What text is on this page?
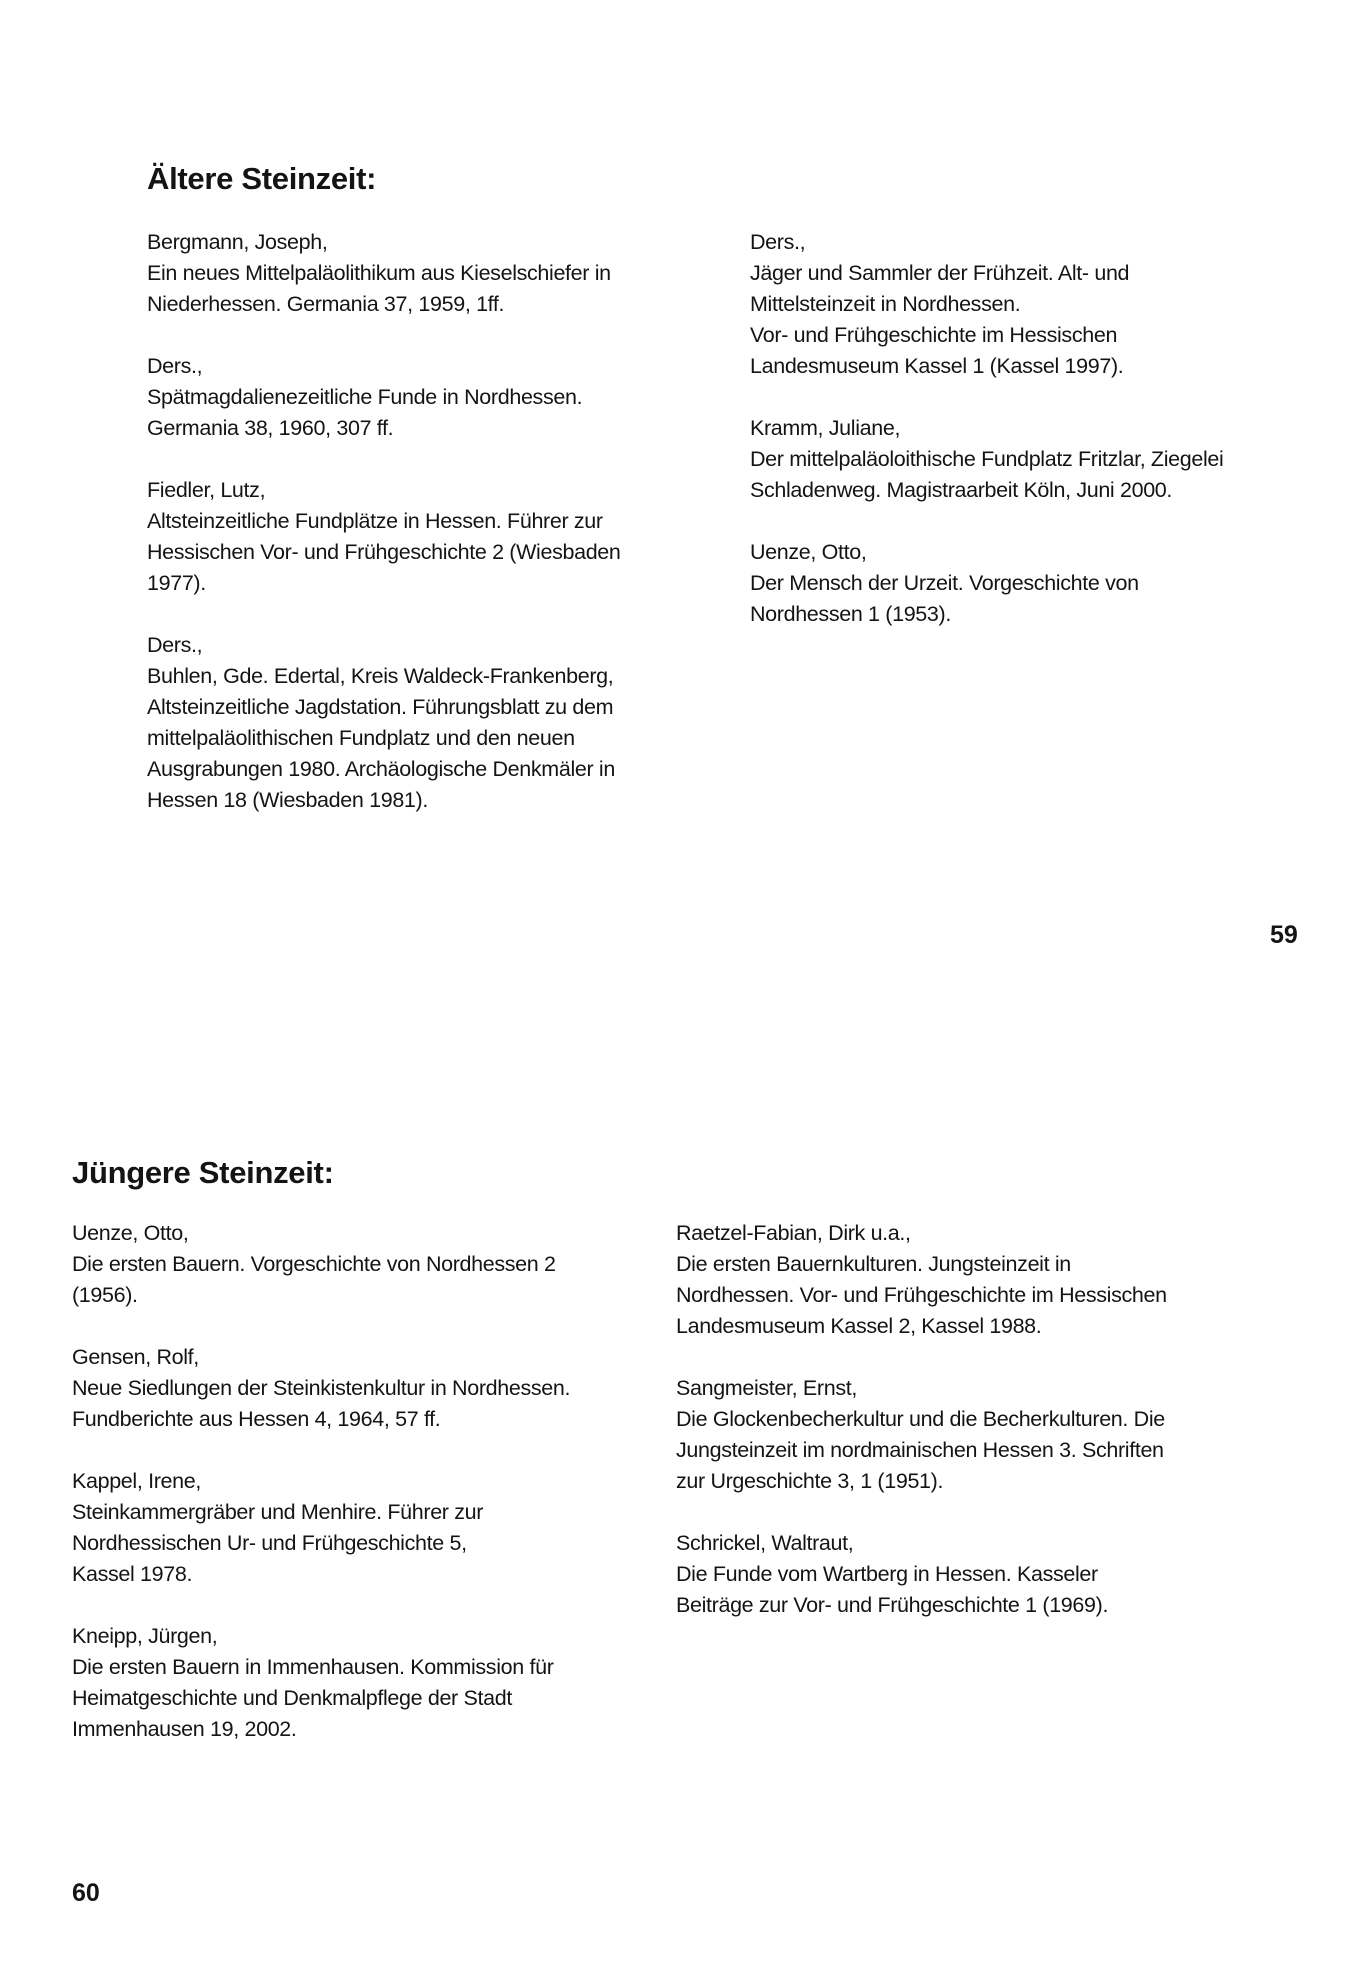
Ältere Steinzeit:
Bergmann, Joseph,
Ein neues Mittelpaläolithikum aus Kieselschiefer in
Niederhessen. Germania 37, 1959, 1ff.
Ders.,
Spätmagdalienezeitliche Funde in Nordhessen.
Germania 38, 1960, 307 ff.
Fiedler, Lutz,
Altsteinzeitliche Fundplätze in Hessen. Führer zur
Hessischen Vor- und Frühgeschichte 2 (Wiesbaden
1977).
Ders.,
Buhlen, Gde. Edertal, Kreis Waldeck-Frankenberg,
Altsteinzeitliche Jagdstation. Führungsblatt zu dem
mittelpaläolithischen Fundplatz und den neuen
Ausgrabungen 1980. Archäologische Denkmäler in
Hessen 18 (Wiesbaden 1981).
Ders.,
Jäger und Sammler der Frühzeit. Alt- und
Mittelsteinzeit in Nordhessen.
Vor- und Frühgeschichte im Hessischen
Landesmuseum Kassel 1 (Kassel 1997).
Kramm, Juliane,
Der mittelpaläoloithische Fundplatz Fritzlar, Ziegelei
Schladenweg. Magistraarbeit Köln, Juni 2000.
Uenze, Otto,
Der Mensch der Urzeit. Vorgeschichte von
Nordhessen 1 (1953).

59

Jüngere Steinzeit:
Uenze, Otto,
Die ersten Bauern. Vorgeschichte von Nordhessen 2
(1956).
Gensen, Rolf,
Neue Siedlungen der Steinkistenkultur in Nordhessen.
Fundberichte aus Hessen 4, 1964, 57 ff.
Kappel, Irene,
Steinkammergräber und Menhire. Führer zur
Nordhessischen Ur- und Frühgeschichte 5,
Kassel 1978.
Kneipp, Jürgen,
Die ersten Bauern in Immenhausen. Kommission für
Heimatgeschichte und Denkmalpflege der Stadt
Immenhausen 19, 2002.
Raetzel-Fabian, Dirk u.a.,
Die ersten Bauernkulturen. Jungsteinzeit in
Nordhessen. Vor- und Frühgeschichte im Hessischen
Landesmuseum Kassel 2, Kassel 1988.
Sangmeister, Ernst,
Die Glockenbecherkultur und die Becherkulturen. Die
Jungsteinzeit im nordmainischen Hessen 3. Schriften
zur Urgeschichte 3, 1 (1951).
Schrickel, Waltraut,
Die Funde vom Wartberg in Hessen. Kasseler
Beiträge zur Vor- und Frühgeschichte 1 (1969).

60
